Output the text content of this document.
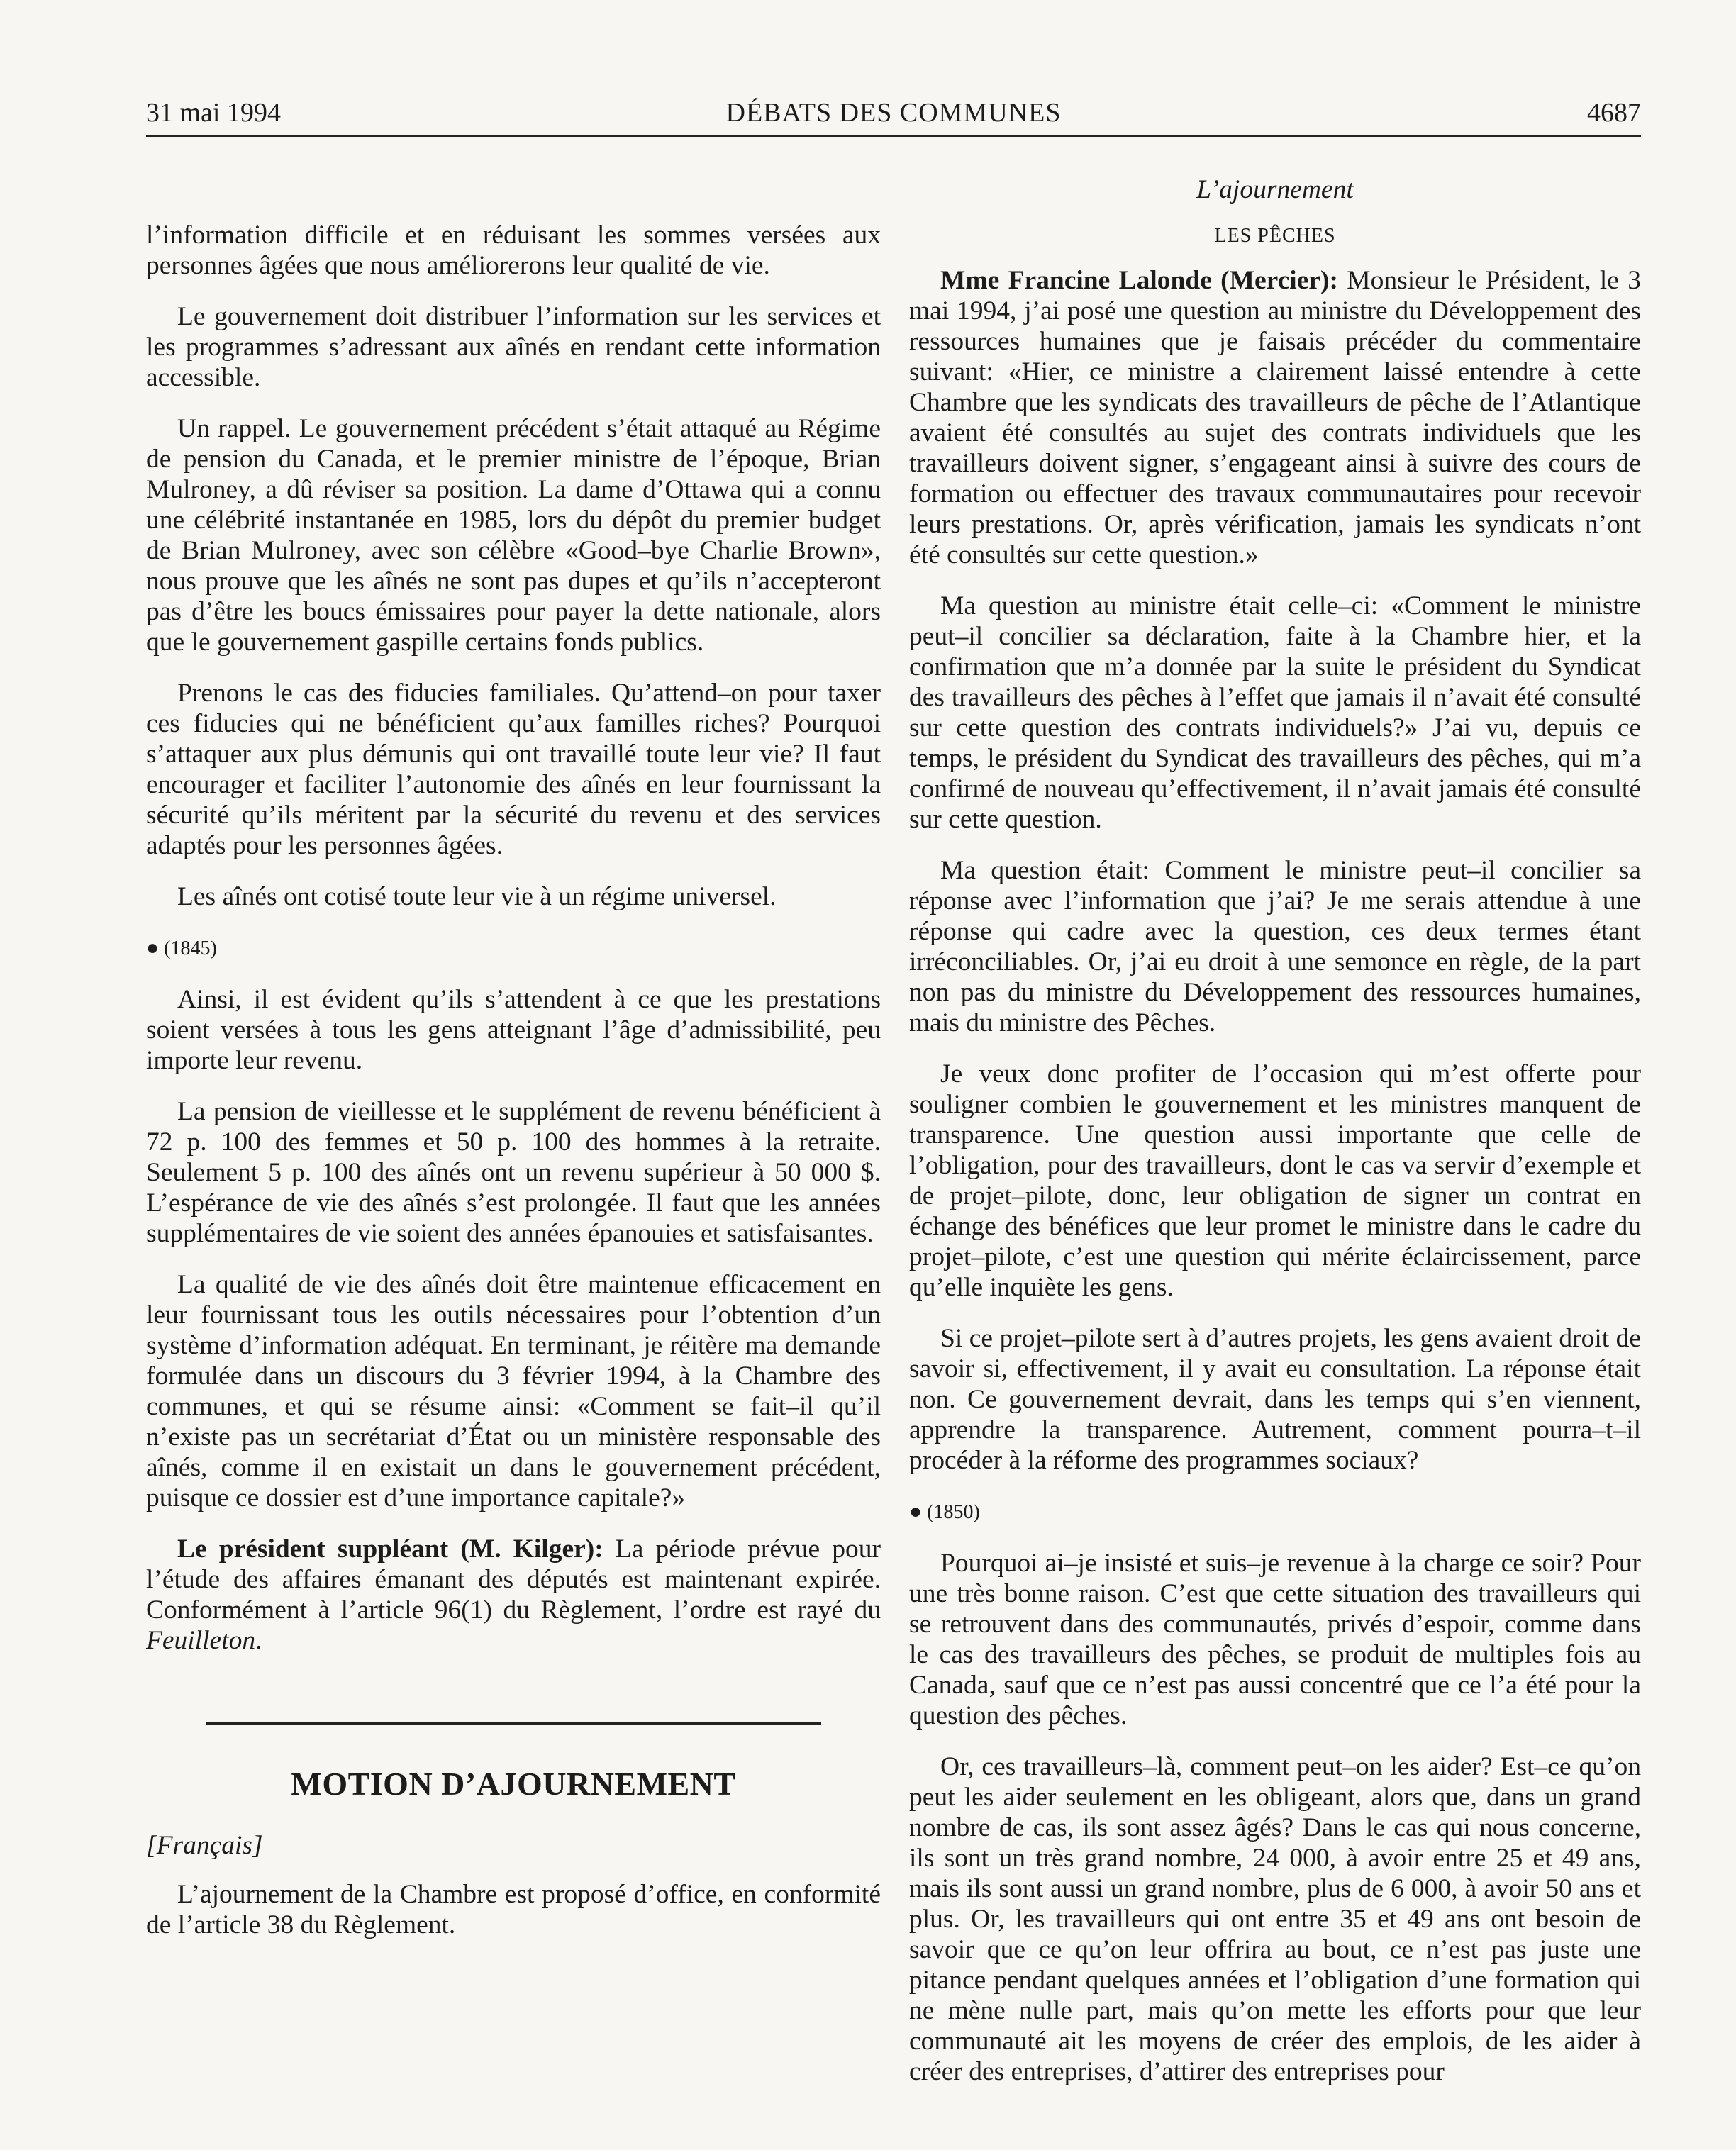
31 mai 1994	DÉBATS DES COMMUNES	4687

l’information difficile et en réduisant les sommes versées aux personnes âgées que nous améliorerons leur qualité de vie.

Le gouvernement doit distribuer l’information sur les services et les programmes s’adressant aux aînés en rendant cette information accessible.

Un rappel. Le gouvernement précédent s’était attaqué au Régime de pension du Canada, et le premier ministre de l’époque, Brian Mulroney, a dû réviser sa position. La dame d’Ottawa qui a connu une célébrité instantanée en 1985, lors du dépôt du premier budget de Brian Mulroney, avec son célèbre «Good–bye Charlie Brown», nous prouve que les aînés ne sont pas dupes et qu’ils n’accepteront pas d’être les boucs émissaires pour payer la dette nationale, alors que le gouvernement gaspille certains fonds publics.

Prenons le cas des fiducies familiales. Qu’attend–on pour taxer ces fiducies qui ne bénéficient qu’aux familles riches? Pourquoi s’attaquer aux plus démunis qui ont travaillé toute leur vie? Il faut encourager et faciliter l’autonomie des aînés en leur fournissant la sécurité qu’ils méritent par la sécurité du revenu et des services adaptés pour les personnes âgées.

Les aînés ont cotisé toute leur vie à un régime universel.

● (1845)

Ainsi, il est évident qu’ils s’attendent à ce que les prestations soient versées à tous les gens atteignant l’âge d’admissibilité, peu importe leur revenu.

La pension de vieillesse et le supplément de revenu bénéficient à 72 p. 100 des femmes et 50 p. 100 des hommes à la retraite. Seulement 5 p. 100 des aînés ont un revenu supérieur à 50 000 $. L’espérance de vie des aînés s’est prolongée. Il faut que les années supplémentaires de vie soient des années épanouies et satisfaisantes.

La qualité de vie des aînés doit être maintenue efficacement en leur fournissant tous les outils nécessaires pour l’obtention d’un système d’information adéquat. En terminant, je réitère ma demande formulée dans un discours du 3 février 1994, à la Chambre des communes, et qui se résume ainsi: «Comment se fait–il qu’il n’existe pas un secrétariat d’État ou un ministère responsable des aînés, comme il en existait un dans le gouvernement précédent, puisque ce dossier est d’une importance capitale?»

Le président suppléant (M. Kilger): La période prévue pour l’étude des affaires émanant des députés est maintenant expirée. Conformément à l’article 96(1) du Règlement, l’ordre est rayé du Feuilleton.

MOTION D’AJOURNEMENT
[Français]

L’ajournement de la Chambre est proposé d’office, en conformité de l’article 38 du Règlement.

L’ajournement
LES PÊCHES

Mme Francine Lalonde (Mercier): Monsieur le Président, le 3 mai 1994, j’ai posé une question au ministre du Développement des ressources humaines que je faisais précéder du commentaire suivant: «Hier, ce ministre a clairement laissé entendre à cette Chambre que les syndicats des travailleurs de pêche de l’Atlantique avaient été consultés au sujet des contrats individuels que les travailleurs doivent signer, s’engageant ainsi à suivre des cours de formation ou effectuer des travaux communautaires pour recevoir leurs prestations. Or, après vérification, jamais les syndicats n’ont été consultés sur cette question.»

Ma question au ministre était celle–ci: «Comment le ministre peut–il concilier sa déclaration, faite à la Chambre hier, et la confirmation que m’a donnée par la suite le président du Syndicat des travailleurs des pêches à l’effet que jamais il n’avait été consulté sur cette question des contrats individuels?» J’ai vu, depuis ce temps, le président du Syndicat des travailleurs des pêches, qui m’a confirmé de nouveau qu’effectivement, il n’avait jamais été consulté sur cette question.

Ma question était: Comment le ministre peut–il concilier sa réponse avec l’information que j’ai? Je me serais attendue à une réponse qui cadre avec la question, ces deux termes étant irréconciliables. Or, j’ai eu droit à une semonce en règle, de la part non pas du ministre du Développement des ressources humaines, mais du ministre des Pêches.

Je veux donc profiter de l’occasion qui m’est offerte pour souligner combien le gouvernement et les ministres manquent de transparence. Une question aussi importante que celle de l’obligation, pour des travailleurs, dont le cas va servir d’exemple et de projet–pilote, donc, leur obligation de signer un contrat en échange des bénéfices que leur promet le ministre dans le cadre du projet–pilote, c’est une question qui mérite éclaircissement, parce qu’elle inquiète les gens.

Si ce projet–pilote sert à d’autres projets, les gens avaient droit de savoir si, effectivement, il y avait eu consultation. La réponse était non. Ce gouvernement devrait, dans les temps qui s’en viennent, apprendre la transparence. Autrement, comment pourra–t–il procéder à la réforme des programmes sociaux?

● (1850)

Pourquoi ai–je insisté et suis–je revenue à la charge ce soir? Pour une très bonne raison. C’est que cette situation des travailleurs qui se retrouvent dans des communautés, privés d’espoir, comme dans le cas des travailleurs des pêches, se produit de multiples fois au Canada, sauf que ce n’est pas aussi concentré que ce l’a été pour la question des pêches.

Or, ces travailleurs–là, comment peut–on les aider? Est–ce qu’on peut les aider seulement en les obligeant, alors que, dans un grand nombre de cas, ils sont assez âgés? Dans le cas qui nous concerne, ils sont un très grand nombre, 24 000, à avoir entre 25 et 49 ans, mais ils sont aussi un grand nombre, plus de 6 000, à avoir 50 ans et plus. Or, les travailleurs qui ont entre 35 et 49 ans ont besoin de savoir que ce qu’on leur offrira au bout, ce n’est pas juste une pitance pendant quelques années et l’obligation d’une formation qui ne mène nulle part, mais qu’on mette les efforts pour que leur communauté ait les moyens de créer des emplois, de les aider à créer des entreprises, d’attirer des entreprises pour
